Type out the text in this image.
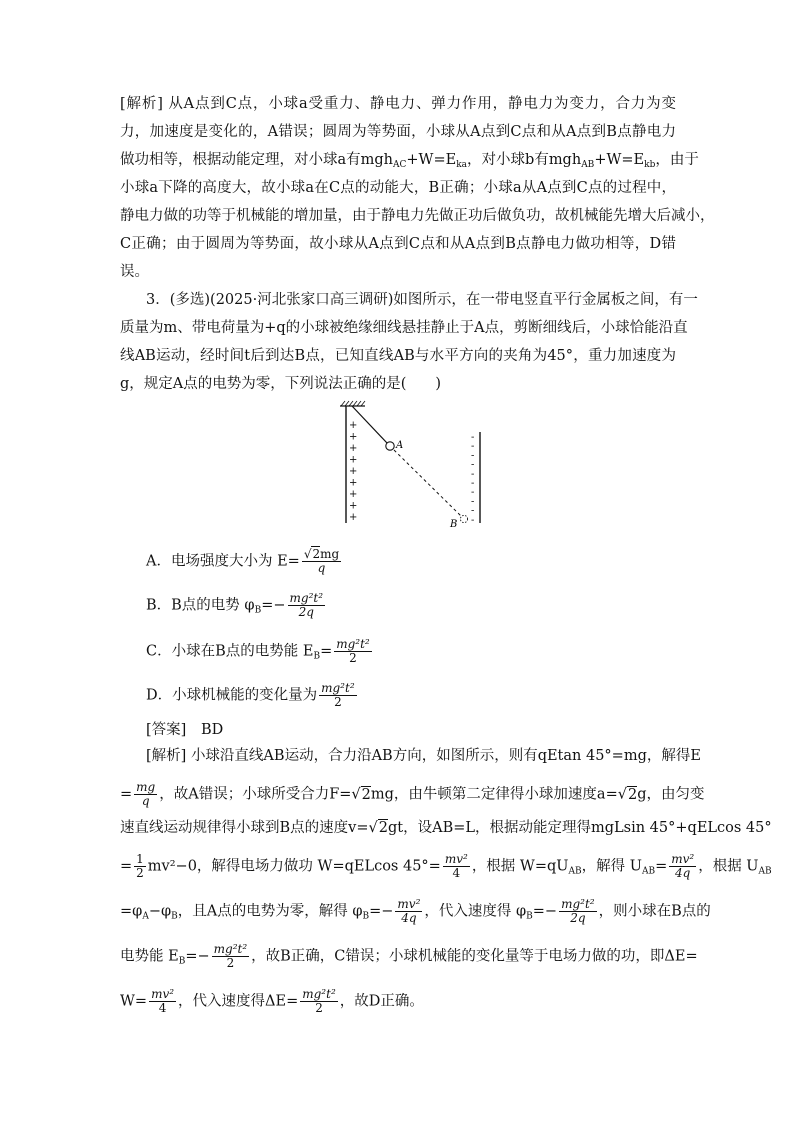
[解析] 从A点到C点，小球a受重力、静电力、弹力作用，静电力为变力，合力为变
力，加速度是变化的，A错误；圆周为等势面，小球从A点到C点和从A点到B点静电力
做功相等，根据动能定理，对小球a有$mgh_{AC}+W=E_{ka}$，对小球b有$mgh_{AB}+W=E_{kb}$，由于
小球a下降的高度大，故小球a在C点的动能大，B正确；小球a从A点到C点的过程中，
静电力做的功等于机械能的增加量，由于静电力先做正功后做负功，故机械能先增大后减小，
C正确；由于圆周为等势面，故小球从A点到C点和从A点到B点静电力做功相等，D错
误。
3．(多选)(2025·河北张家口高三调研)如图所示，在一带电竖直平行金属板之间，有一
质量为m、带电荷量为+q的小球被绝缘细线悬挂静止于A点，剪断细线后，小球恰能沿直
线AB运动，经时间t后到达B点，已知直线AB与水平方向的夹角为45°，重力加速度为
g，规定A点的电势为零，下列说法正确的是(　　)
+
+
+
+
+
+
+
+
+
-
-
-
-
-
-
-
-
-
-
A
B
A．电场强度大小为 $E= \frac{√2mg}{q}$
B．B点的电势 $\varphi_B=- \frac{\text{mg²t²}}{2q}$
C．小球在B点的电势能 $E_B= \frac{\text{mg²t²}}{2}$
D．小球机械能的变化量为 $\frac{\text{mg²t²}}{2}$
[答案] BD
[解析] 小球沿直线AB运动，合力沿AB方向，如图所示，则有qEtan 45°=mg，解得E
= $\frac{mg}{q}$ ，故A错误；小球所受合力F=√2mg，由牛顿第二定律得小球加速度a=√2g，由匀变
速直线运动规律得小球到B点的速度v=√2gt，设AB=L，根据动能定理得mgLsin 45°+qELcos 45°
= $\frac{1}{2} mv^2-0$，解得电场力做功 W=qELcos $45^\circ= \frac{\text{mv²}}{4}$ ，根据 $W=qU_{AB}$，解得 $U_{AB}= \frac{\text{mv²}}{4q}$ ，根据 $U_{AB}$
$=\varphi_A-\varphi_B$，且A点的电势为零，解得 $\varphi_B=- \frac{\text{mv²}}{4q}$ ，代入速度得 $\varphi_B=- \frac{\text{mg²t²}}{2q}$ ，则小球在B点的
电势能 $E_B=- \frac{\text{mg²t²}}{2}$ ，故B正确，C错误；小球机械能的变化量等于电场力做的功，即ΔE=
$W= \frac{\text{mv²}}{4}$ ，代入速度得$\Delta E= \frac{\text{mg²t²}}{2}$ ，故D正确。
